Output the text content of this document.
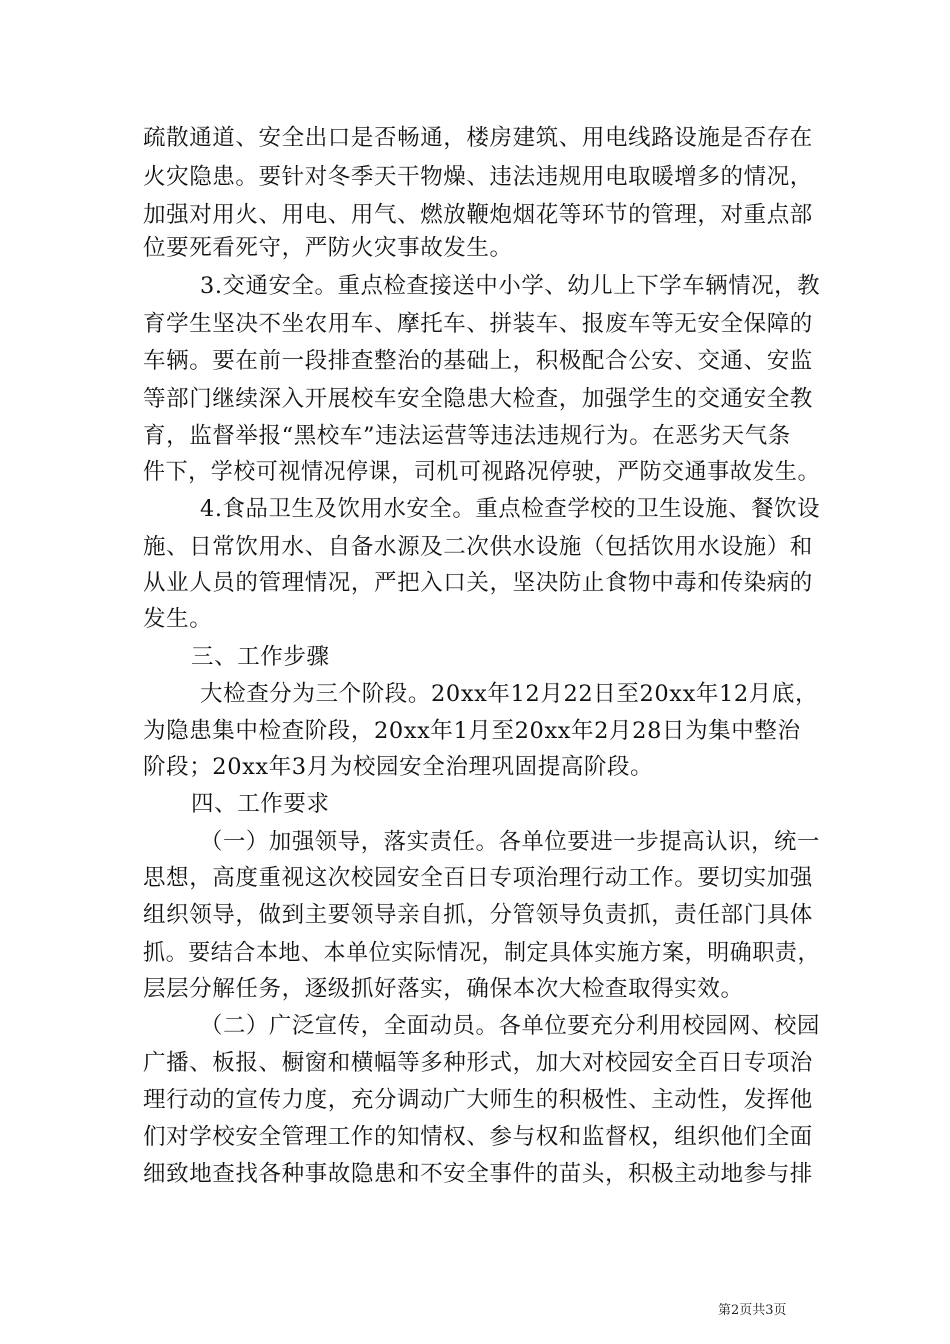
疏散通道、安全出口是否畅通，楼房建筑、用电线路设施是否存在
火灾隐患。要针对冬季天干物燥、违法违规用电取暖增多的情况，
加强对用火、用电、用气、燃放鞭炮烟花等环节的管理，对重点部
位要死看死守，严防火灾事故发生。
3.交通安全。重点检查接送中小学、幼儿上下学车辆情况，教
育学生坚决不坐农用车、摩托车、拼装车、报废车等无安全保障的
车辆。要在前一段排查整治的基础上，积极配合公安、交通、安监
等部门继续深入开展校车安全隐患大检查，加强学生的交通安全教
育，监督举报“黑校车”违法运营等违法违规行为。在恶劣天气条
件下，学校可视情况停课，司机可视路况停驶，严防交通事故发生。
4.食品卫生及饮用水安全。重点检查学校的卫生设施、餐饮设
施、日常饮用水、自备水源及二次供水设施（包括饮用水设施）和
从业人员的管理情况，严把入口关，坚决防止食物中毒和传染病的
发生。
三、工作步骤
大检查分为三个阶段。20xx年12月22日至20xx年12月底，
为隐患集中检查阶段，20xx年1月至20xx年2月28日为集中整治
阶段；20xx年3月为校园安全治理巩固提高阶段。
四、工作要求
（一）加强领导，落实责任。各单位要进一步提高认识，统一
思想，高度重视这次校园安全百日专项治理行动工作。要切实加强
组织领导，做到主要领导亲自抓，分管领导负责抓，责任部门具体
抓。要结合本地、本单位实际情况，制定具体实施方案，明确职责，
层层分解任务，逐级抓好落实，确保本次大检查取得实效。
（二）广泛宣传，全面动员。各单位要充分利用校园网、校园
广播、板报、橱窗和横幅等多种形式，加大对校园安全百日专项治
理行动的宣传力度，充分调动广大师生的积极性、主动性，发挥他
们对学校安全管理工作的知情权、参与权和监督权，组织他们全面
细致地查找各种事故隐患和不安全事件的苗头，积极主动地参与排
第2页共3页
